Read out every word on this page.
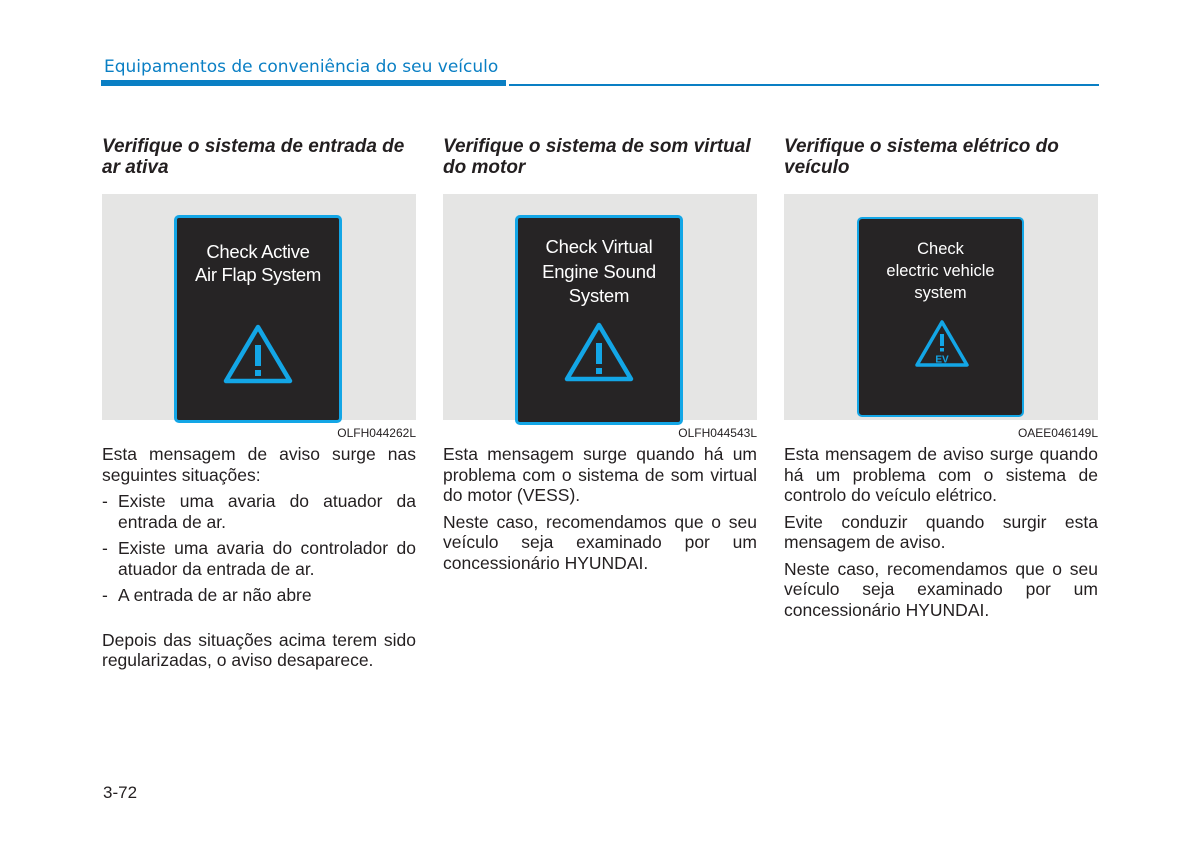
Equipamentos de conveniência do seu veículo
Verifique o sistema de entrada de ar ativa
Check Active
Air Flap System
OLFH044262L

Esta mensagem de aviso surge nas seguintes situações:

- Existe uma avaria do atuador da entrada de ar.
- Existe uma avaria do controlador do atuador da entrada de ar.
- A entrada de ar não abre

Depois das situações acima terem sido regularizadas, o aviso desaparece.

Verifique o sistema de som virtual do motor
Check Virtual
Engine Sound
System
OLFH044543L

Esta mensagem surge quando há um problema com o sistema de som virtual do motor (VESS).

Neste caso, recomendamos que o seu veículo seja examinado por um concessionário HYUNDAI.

Verifique o sistema elétrico do veículo
Check
electric vehicle
system
EV
OAEE046149L

Esta mensagem de aviso surge quando há um problema com o sistema de controlo do veículo elétrico.

Evite conduzir quando surgir esta mensagem de aviso.

Neste caso, recomendamos que o seu veículo seja examinado por um concessionário HYUNDAI.

3-72
